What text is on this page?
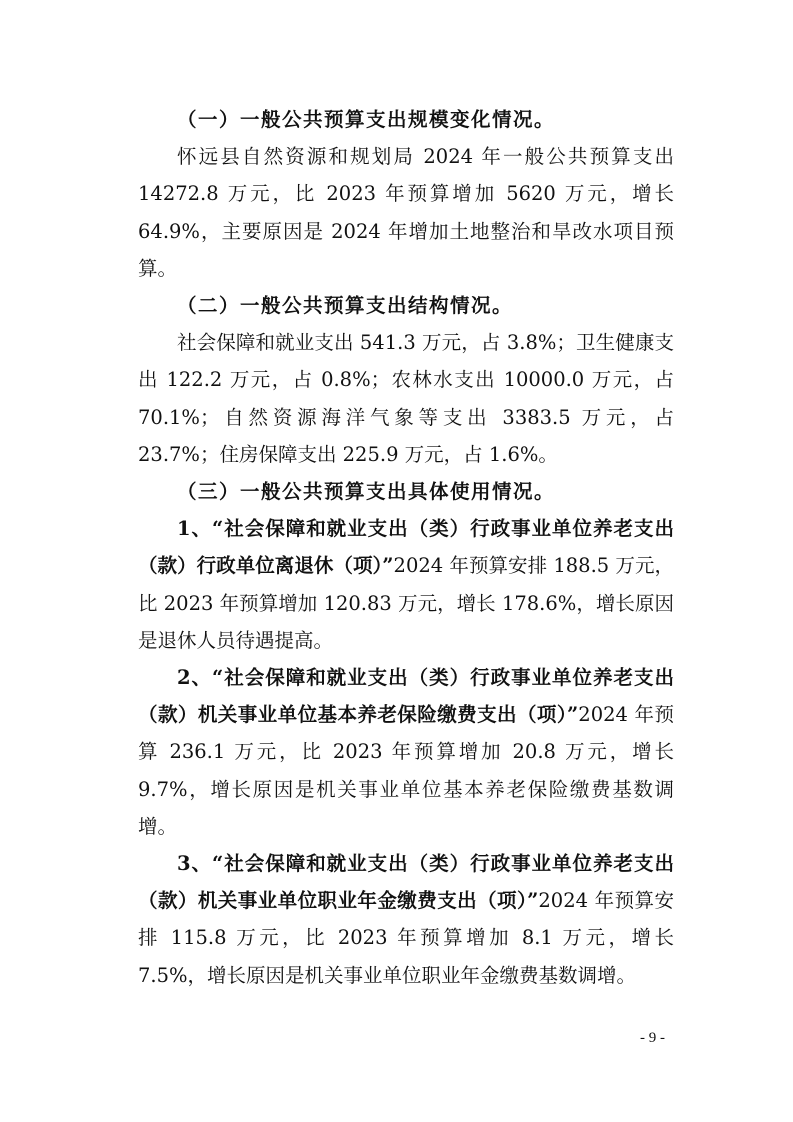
（一）一般公共预算支出规模变化情况。

怀远县自然资源和规划局 2024 年一般公共预算支出 14272.8 万元，比 2023 年预算增加 5620 万元，增长 64.9%，主要原因是 2024 年增加土地整治和旱改水项目预算。

（二）一般公共预算支出结构情况。

社会保障和就业支出 541.3 万元，占 3.8%；卫生健康支出 122.2 万元，占 0.8%；农林水支出 10000.0 万元，占 70.1%；自然资源海洋气象等支出 3383.5 万元，占 23.7%；住房保障支出 225.9 万元，占 1.6%。

（三）一般公共预算支出具体使用情况。

1、“社会保障和就业支出（类）行政事业单位养老支出（款）行政单位离退休（项）”2024 年预算安排 188.5 万元，比 2023 年预算增加 120.83 万元，增长 178.6%，增长原因是退休人员待遇提高。

2、“社会保障和就业支出（类）行政事业单位养老支出（款）机关事业单位基本养老保险缴费支出（项）”2024 年预算 236.1 万元，比 2023 年预算增加 20.8 万元，增长 9.7%，增长原因是机关事业单位基本养老保险缴费基数调增。

3、“社会保障和就业支出（类）行政事业单位养老支出（款）机关事业单位职业年金缴费支出（项）”2024 年预算安排 115.8 万元，比 2023 年预算增加 8.1 万元，增长 7.5%，增长原因是机关事业单位职业年金缴费基数调增。

- 9 -
